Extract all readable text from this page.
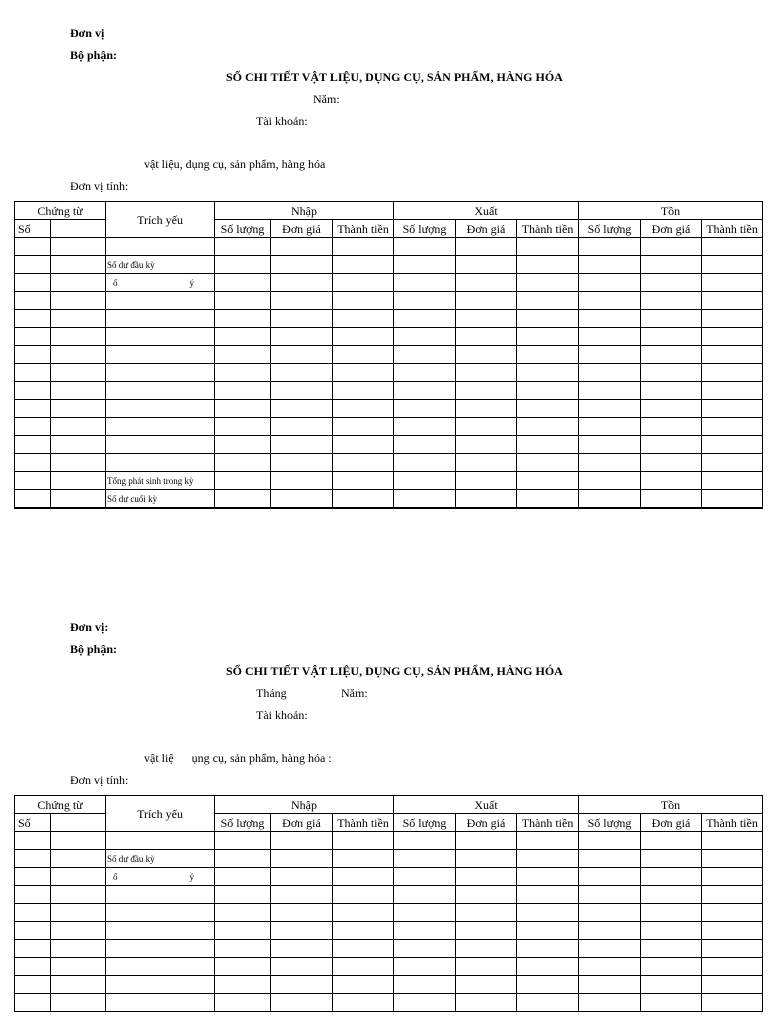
Đơn vị
Bộ phận:
SỔ CHI TIẾT VẬT LIỆU, DỤNG CỤ, SẢN PHẨM, HÀNG HÓA
Năm:
Tài khoản:
vật liệu, dụng cụ, sản phẩm, hàng hóa
Đơn vị tính:
Chứng từ		Trích yếu	Nhập			Xuất			Tồn		
Số			Số lượng	Đơn giá	Thành tiền	Số lượng	Đơn giá	Thành tiền	Số lượng	Đơn giá	Thành tiền

		Số dư đầu kỳ									
		ố ý									

		Tổng phát sinh trong kỳ									
		Số dư cuối kỳ									
Đơn vị:
Bộ phận:
SỔ CHI TIẾT VẬT LIỆU, DỤNG CỤ, SẢN PHẨM, HÀNG HÓA
Tháng	Năm:
Tài khoản:
vật liệ      ụng cụ, sản phẩm, hàng hóa :
Đơn vị tính:
Chứng từ		Trích yếu	Nhập			Xuất			Tồn		
Số			Số lượng	Đơn giá	Thành tiền	Số lượng	Đơn giá	Thành tiền	Số lượng	Đơn giá	Thành tiền

		Số dư đầu kỳ									
		ố ý									
